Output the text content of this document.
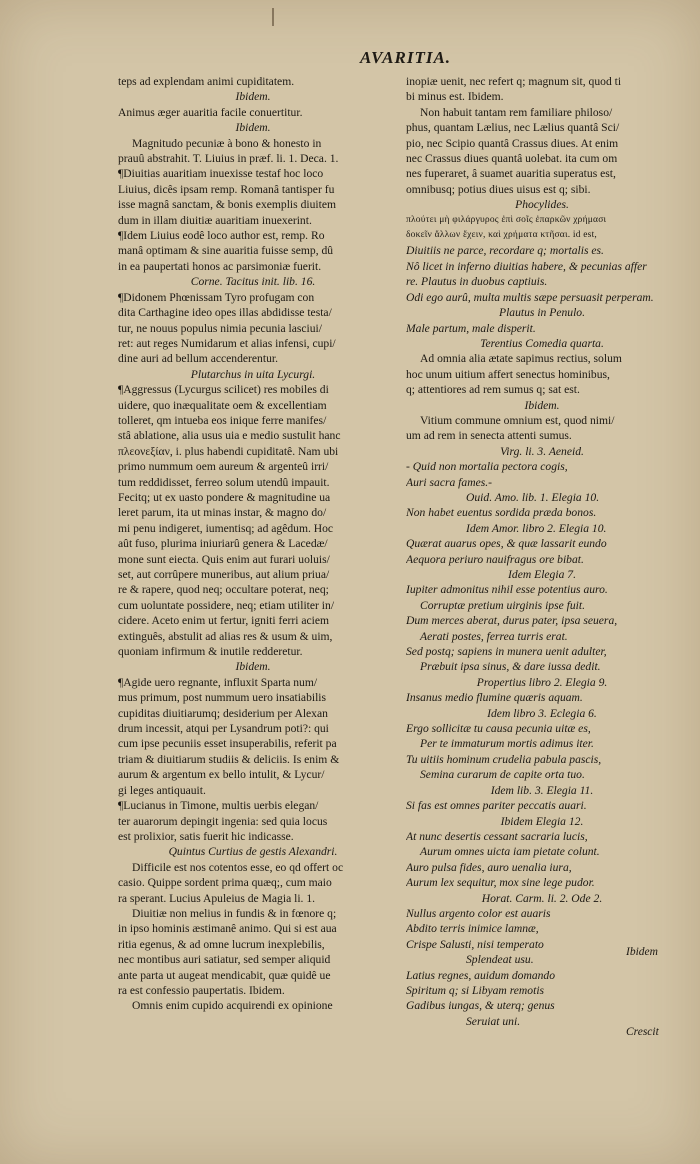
AVARITIA.
teps ad explendam animi cupiditatem.
Ibidem.
Animus æger auaritia facile conuertitur.
Ibidem.
Magnitudo pecuniæ à bono & honesto in
prauû abstrahit. T. Liuius in præf. li. 1. Deca. 1.
¶Diuitias auaritiam inuexisse testaf hoc loco
Liuius, dicês ipsam remp. Romanâ tantisper fu
isse magnâ sanctam, & bonis exemplis diuitem
dum in illam diuitiæ auaritiam inuexerint.
¶Idem Liuius eodê loco author est, remp. Ro
manâ optimam & sine auaritia fuisse semp, dû
in ea paupertati honos ac parsimoniæ fuerit.
Corne. Tacitus init. lib. 16.
¶Didonem Phœnissam Tyro profugam con
dita Carthagine ideo opes illas abdidisse testa/
tur, ne nouus populus nimia pecunia lasciui/
ret: aut reges Numidarum et alias infensi, cupi/
dine auri ad bellum accenderentur.
Plutarchus in uita Lycurgi.
¶Aggressus (Lycurgus scilicet) res mobiles di
uidere, quo inæqualitate oem & excellentiam
tolleret, qm intueba eos inique ferre manifes/
stâ ablatione, alia usus uia e medio sustulit hanc
πλεονεξίαν, i. plus habendi cupiditatê. Nam ubi
primo nummum oem aureum & argenteû irri/
tum reddidisset, ferreo solum utendû impauit.
Fecitq; ut ex uasto pondere & magnitudine ua
leret parum, ita ut minas instar, & magno do/
mi penu indigeret, iumentisq; ad agêdum. Hoc
aût fuso, plurima iniuriarû genera & Lacedæ/
mone sunt eiecta. Quis enim aut furari uoluis/
set, aut corrûpere muneribus, aut alium priua/
re & rapere, quod neq; occultare poterat, neq;
cum uoluntate possidere, neq; etiam utiliter in/
cidere. Aceto enim ut fertur, igniti ferri aciem
extinguês, abstulit ad alias res & usum & uim,
quoniam infirmum & inutile redderetur.
Ibidem.
¶Agide uero regnante, influxit Sparta num/
mus primum, post nummum uero insatiabilis
cupiditas diuitiarumq; desiderium per Alexan
drum incessit, atqui per Lysandrum poti?: qui
cum ipse pecuniis esset insuperabilis, referit pa
triam & diuitiarum studiis & deliciis. Is enim &
aurum & argentum ex bello intulit, & Lycur/
gi leges antiquauit.
¶Lucianus in Timone, multis uerbis elegan/
ter auarorum depingit ingenia: sed quia locus
est prolixior, satis fuerit hic indicasse.
Quintus Curtius de gestis Alexandri.
Difficile est nos cotentos esse, eo qd offert oc
casio. Quippe sordent prima quæq;, cum maio
ra sperant. Lucius Apuleius de Magia li. 1.
Diuitiæ non melius in fundis & in fœnore q;
in ipso hominis æstimanê animo. Qui si est aua
ritia egenus, & ad omne lucrum inexplebilis,
nec montibus auri satiatur, sed semper aliquid
ante parta ut augeat mendicabit, quæ quidê ue
ra est confessio paupertatis. Ibidem.
Omnis enim cupido acquirendi ex opinione
inopiæ uenit, nec refert q; magnum sit, quod ti
bi minus est. Ibidem.
Non habuit tantam rem familiare philoso/
phus, quantam Lælius, nec Lælius quantâ Sci/
pio, nec Scipio quantâ Crassus diues. At enim
nec Crassus diues quantâ uolebat. ita cum om
nes fuperaret, â suamet auaritia superatus est,
omnibusq; potius diues uisus est q; sibi.
Phocylides.
πλούτει μὴ φιλάργυρος ἐπὶ σοῖς ἐπαρκῶν χρήμασι
δοκεῖν ἄλλων ἔχειν, καὶ χρήματα κτῆσαι. id est,
Diuitiis ne parce, recordare q; mortalis es.
Nô licet in inferno diuitias habere, & pecunias affer
re. Plautus in duobus captiuis.
Odi ego aurû, multa multis sæpe persuasit perperam.
Plautus in Penulo.
Male partum, male disperit.
Terentius Comedia quarta.
Ad omnia alia ætate sapimus rectius, solum
hoc unum uitium affert senectus hominibus,
q; attentiores ad rem sumus q; sat est.
Ibidem.
Vitium commune omnium est, quod nimi/
um ad rem in senecta attenti sumus.
Virg. li. 3. Aeneid.
- Quid non mortalia pectora cogis,
Auri sacra fames.-
Ouid. Amo. lib. 1. Elegia 10.
Non habet euentus sordida præda bonos.
Idem Amor. libro 2. Elegia 10.
Quærat auarus opes, & quæ lassarit eundo
Aequora periuro nauifragus ore bibat.
Idem Elegia 7.
Iupiter admonitus nihil esse potentius auro.
Corruptæ pretium uirginis ipse fuit.
Dum merces aberat, durus pater, ipsa seuera,
Aerati postes, ferrea turris erat.
Sed postq; sapiens in munera uenit adulter,
Præbuit ipsa sinus, & dare iussa dedit.
Propertius libro 2. Elegia 9.
Insanus medio flumine quæris aquam.
Idem libro 3. Eclegia 6.
Ergo sollicitæ tu causa pecunia uitæ es,
Per te immaturum mortis adimus iter.
Tu uitiis hominum crudelia pabula pascis,
Semina curarum de capite orta tuo.
Idem lib. 3. Elegia 11.
Si fas est omnes pariter peccatis auari.
Ibidem Elegia 12.
At nunc desertis cessant sacraria lucis,
Aurum omnes uicta iam pietate colunt.
Auro pulsa fides, auro uenalia iura,
Aurum lex sequitur, mox sine lege pudor.
Horat. Carm. li. 2. Ode 2.
Nullus argento color est auaris
Abdito terris inimice lamnæ,
Crispe Salusti, nisi temperato
Splendeat usu.
Latius regnes, auidum domando
Spiritum q; si Libyam remotis
Gadibus iungas, & uterq; genus
Seruiat uni.
Ibidem
Crescit
